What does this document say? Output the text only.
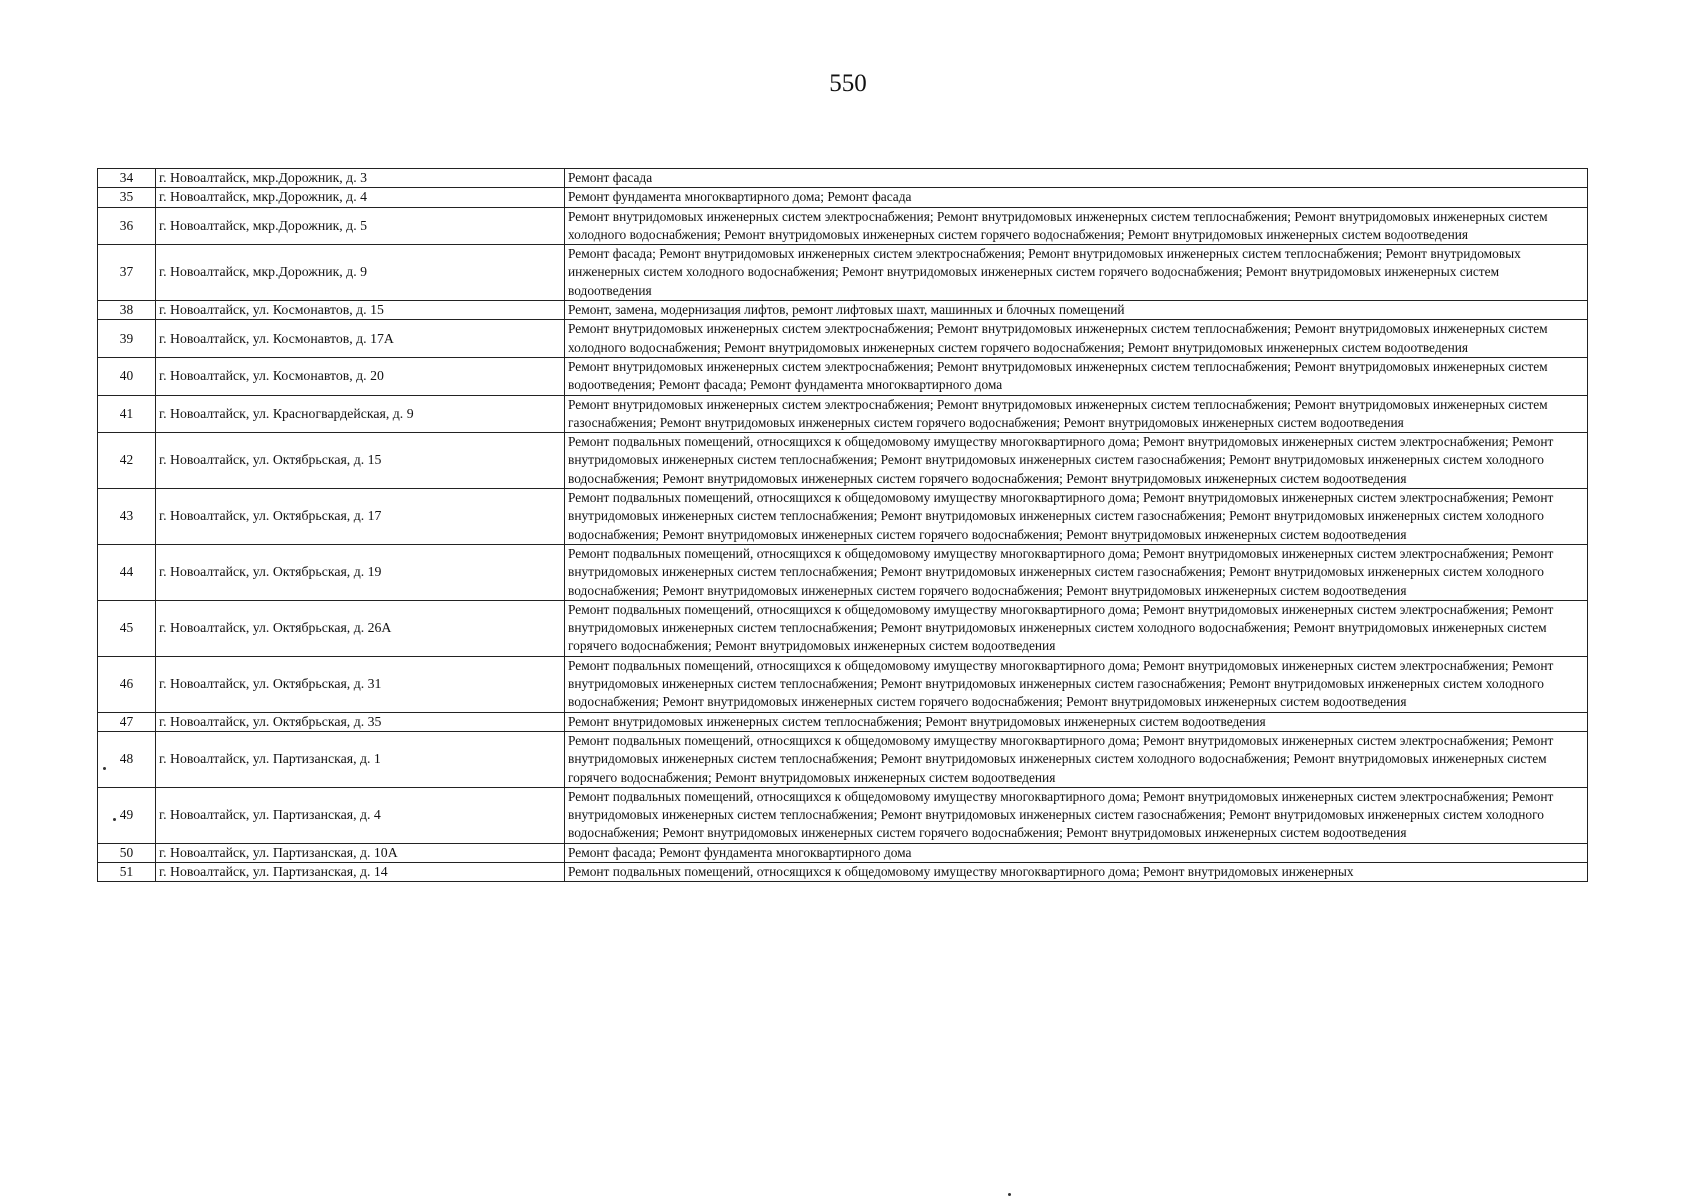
550
34	г. Новоалтайск, мкр.Дорожник, д. 3	Ремонт фасада
35	г. Новоалтайск, мкр.Дорожник, д. 4	Ремонт фундамента многоквартирного дома; Ремонт фасада
36	г. Новоалтайск, мкр.Дорожник, д. 5	Ремонт внутридомовых инженерных систем электроснабжения; Ремонт внутридомовых инженерных систем теплоснабжения; Ремонт внутридомовых инженерных систем холодного водоснабжения; Ремонт внутридомовых инженерных систем горячего водоснабжения; Ремонт внутридомовых инженерных систем водоотведения
37	г. Новоалтайск, мкр.Дорожник, д. 9	Ремонт фасада; Ремонт внутридомовых инженерных систем электроснабжения; Ремонт внутридомовых инженерных систем теплоснабжения; Ремонт внутридомовых инженерных систем холодного водоснабжения; Ремонт внутридомовых инженерных систем горячего водоснабжения; Ремонт внутридомовых инженерных систем водоотведения
38	г. Новоалтайск, ул. Космонавтов, д. 15	Ремонт, замена, модернизация лифтов, ремонт лифтовых шахт, машинных и блочных помещений
39	г. Новоалтайск, ул. Космонавтов, д. 17А	Ремонт внутридомовых инженерных систем электроснабжения; Ремонт внутридомовых инженерных систем теплоснабжения; Ремонт внутридомовых инженерных систем холодного водоснабжения; Ремонт внутридомовых инженерных систем горячего водоснабжения; Ремонт внутридомовых инженерных систем водоотведения
40	г. Новоалтайск, ул. Космонавтов, д. 20	Ремонт внутридомовых инженерных систем электроснабжения; Ремонт внутридомовых инженерных систем теплоснабжения; Ремонт внутридомовых инженерных систем водоотведения; Ремонт фасада; Ремонт фундамента многоквартирного дома
41	г. Новоалтайск, ул. Красногвардейская, д. 9	Ремонт внутридомовых инженерных систем электроснабжения; Ремонт внутридомовых инженерных систем теплоснабжения; Ремонт внутридомовых инженерных систем газоснабжения; Ремонт внутридомовых инженерных систем горячего водоснабжения; Ремонт внутридомовых инженерных систем водоотведения
42	г. Новоалтайск, ул. Октябрьская, д. 15	Ремонт подвальных помещений, относящихся к общедомовому имуществу многоквартирного дома; Ремонт внутридомовых инженерных систем электроснабжения; Ремонт внутридомовых инженерных систем теплоснабжения; Ремонт внутридомовых инженерных систем газоснабжения; Ремонт внутридомовых инженерных систем холодного водоснабжения; Ремонт внутридомовых инженерных систем горячего водоснабжения; Ремонт внутридомовых инженерных систем водоотведения
43	г. Новоалтайск, ул. Октябрьская, д. 17	Ремонт подвальных помещений, относящихся к общедомовому имуществу многоквартирного дома; Ремонт внутридомовых инженерных систем электроснабжения; Ремонт внутридомовых инженерных систем теплоснабжения; Ремонт внутридомовых инженерных систем газоснабжения; Ремонт внутридомовых инженерных систем холодного водоснабжения; Ремонт внутридомовых инженерных систем горячего водоснабжения; Ремонт внутридомовых инженерных систем водоотведения
44	г. Новоалтайск, ул. Октябрьская, д. 19	Ремонт подвальных помещений, относящихся к общедомовому имуществу многоквартирного дома; Ремонт внутридомовых инженерных систем электроснабжения; Ремонт внутридомовых инженерных систем теплоснабжения; Ремонт внутридомовых инженерных систем газоснабжения; Ремонт внутридомовых инженерных систем холодного водоснабжения; Ремонт внутридомовых инженерных систем горячего водоснабжения; Ремонт внутридомовых инженерных систем водоотведения
45	г. Новоалтайск, ул. Октябрьская, д. 26А	Ремонт подвальных помещений, относящихся к общедомовому имуществу многоквартирного дома; Ремонт внутридомовых инженерных систем электроснабжения; Ремонт внутридомовых инженерных систем теплоснабжения; Ремонт внутридомовых инженерных систем холодного водоснабжения; Ремонт внутридомовых инженерных систем горячего водоснабжения; Ремонт внутридомовых инженерных систем водоотведения
46	г. Новоалтайск, ул. Октябрьская, д. 31	Ремонт подвальных помещений, относящихся к общедомовому имуществу многоквартирного дома; Ремонт внутридомовых инженерных систем электроснабжения; Ремонт внутридомовых инженерных систем теплоснабжения; Ремонт внутридомовых инженерных систем газоснабжения; Ремонт внутридомовых инженерных систем холодного водоснабжения; Ремонт внутридомовых инженерных систем горячего водоснабжения; Ремонт внутридомовых инженерных систем водоотведения
47	г. Новоалтайск, ул. Октябрьская, д. 35	Ремонт внутридомовых инженерных систем теплоснабжения; Ремонт внутридомовых инженерных систем водоотведения
48	г. Новоалтайск, ул. Партизанская, д. 1	Ремонт подвальных помещений, относящихся к общедомовому имуществу многоквартирного дома; Ремонт внутридомовых инженерных систем электроснабжения; Ремонт внутридомовых инженерных систем теплоснабжения; Ремонт внутридомовых инженерных систем холодного водоснабжения; Ремонт внутридомовых инженерных систем горячего водоснабжения; Ремонт внутридомовых инженерных систем водоотведения
49	г. Новоалтайск, ул. Партизанская, д. 4	Ремонт подвальных помещений, относящихся к общедомовому имуществу многоквартирного дома; Ремонт внутридомовых инженерных систем электроснабжения; Ремонт внутридомовых инженерных систем теплоснабжения; Ремонт внутридомовых инженерных систем газоснабжения; Ремонт внутридомовых инженерных систем холодного водоснабжения; Ремонт внутридомовых инженерных систем горячего водоснабжения; Ремонт внутридомовых инженерных систем водоотведения
50	г. Новоалтайск, ул. Партизанская, д. 10А	Ремонт фасада; Ремонт фундамента многоквартирного дома
51	г. Новоалтайск, ул. Партизанская, д. 14	Ремонт подвальных помещений, относящихся к общедомовому имуществу многоквартирного дома; Ремонт внутридомовых инженерных
